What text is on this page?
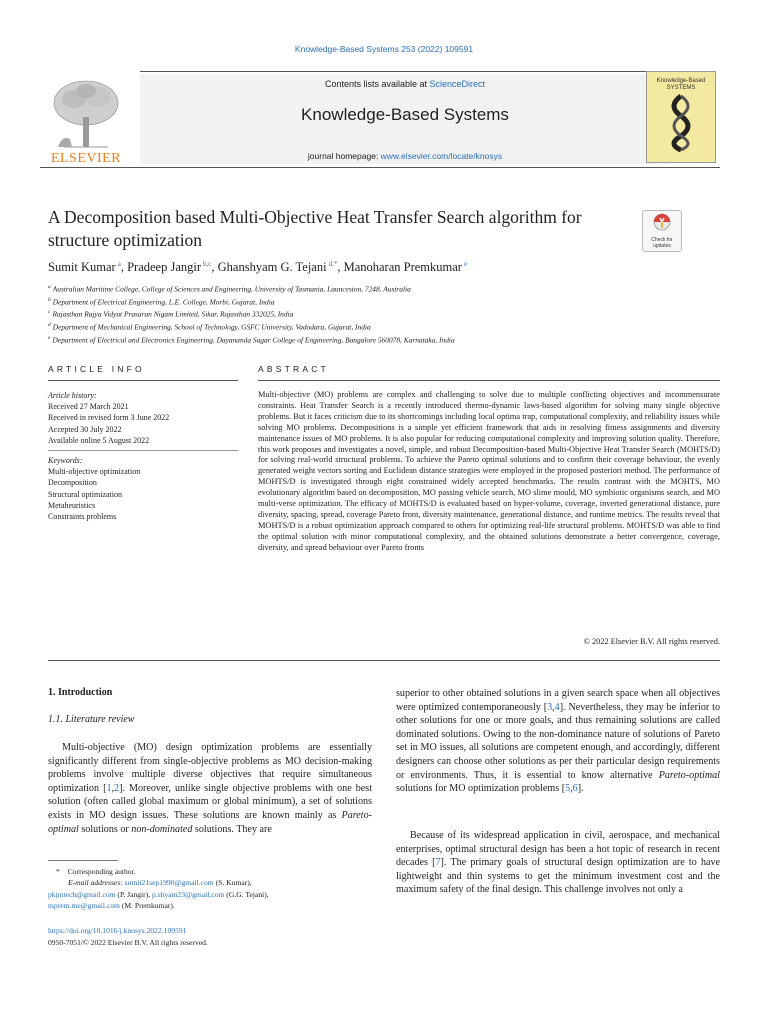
Knowledge-Based Systems 253 (2022) 109591
ELSEVIER
Contents lists available at ScienceDirect
Knowledge-Based Systems
journal homepage: www.elsevier.com/locate/knosys
Knowledge-Based SYSTEMS
A Decomposition based Multi-Objective Heat Transfer Search algorithm for structure optimization	Check for
updates
Sumit Kumar $^a$, Pradeep Jangir $^{b,c}$, Ghanshyam G. Tejani $^{d,*}$, Manoharan Premkumar $^e$
$^a$ Australian Maritime College, College of Sciences and Engineering, University of Tasmania, Launceston, 7248, Australia
$^b$ Department of Electrical Engineering, L.E. College, Morbi, Gujarat, India
$^c$ Rajasthan Rajya Vidyut Prasaran Nigam Limited, Sikar, Rajasthan 332025, India
$^d$ Department of Mechanical Engineering, School of Technology, GSFC University, Vadodara, Gujarat, India
$^e$ Department of Electrical and Electronics Engineering, Dayananda Sagar College of Engineering, Bangalore 560078, Karnataka, India
ARTICLE INFO	ABSTRACT
Article history:
Received 27 March 2021
Received in revised form 3 June 2022
Accepted 30 July 2022
Available online 5 August 2022
Keywords:
Multi-objective optimization
Decomposition
Structural optimization
Metaheuristics
Constraints problems
Multi-objective (MO) problems are complex and challenging to solve due to multiple conflicting objectives and incommensurate constraints. Heat Transfer Search is a recently introduced thermo-dynamic laws-based algorithm for solving many single objective problems. But it faces criticism due to its shortcomings including local optima trap, computational complexity, and reliability issues while solving MO problems. Decompositions is a simple yet efficient framework that aids in resolving fitness assignments and diversity maintenance issues of MO problems. It is also popular for reducing computational complexity and improving solution quality. Therefore, this work proposes and investigates a novel, simple, and robust Decomposition-based Multi-Objective Heat Transfer Search (MOHTS/D) for solving real-world structural problems. To achieve the Pareto optimal solutions and to confirm their coverage behaviour, the evenly generated weight vectors sorting and Euclidean distance strategies were employed in the proposed posteriori method. The performance of MOHTS/D is investigated through eight constrained widely accepted benchmarks. The results contrast with the MOHTS, MO evolutionary algorithm based on decomposition, MO passing vehicle search, MO slime mould, MO symbiotic organisms search, and MO multi-verse optimization. The efficacy of MOHTS/D is evaluated based on hyper-volume, coverage, inverted generational distance, pure diversity, spacing, spread, coverage Pareto front, diversity maintenance, generational distance, and runtime metrics. The results reveal that MOHTS/D is a robust optimization approach compared to others for optimizing real-life structural problems. MOHTS/D was able to find the optimal solution with minor computational complexity, and the obtained solutions demonstrate a better convergence, coverage, diversity, and spread behaviour over Pareto fronts
© 2022 Elsevier B.V. All rights reserved.
1. Introduction
1.1. Literature review
Multi-objective (MO) design optimization problems are essentially significantly different from single-objective problems as MO decision-making problems involve multiple diverse objectives that require simultaneous optimization [1,2]. Moreover, unlike single objective problems with one best solution (often called global maximum or global minimum), a set of solutions exists in MO design issues. These solutions are known mainly as Pareto-optimal solutions or non-dominated solutions. They are
superior to other obtained solutions in a given search space when all objectives were optimized contemporaneously [3,4]. Nevertheless, they may be inferior to other solutions for one or more goals, and thus remaining solutions are called dominated solutions. Owing to the non-dominance nature of solutions of Pareto set in MO issues, all solutions are competent enough, and accordingly, different designers can choose other solutions as per their particular design requirements or environments. Thus, it is essential to know alternative Pareto-optimal solutions for MO optimization problems [5,6].
Because of its widespread application in civil, aerospace, and mechanical enterprises, optimal structural design has been a hot topic of research in recent decades [7]. The primary goals of structural design optimization are to have lightweight and thin systems to get the minimum investment cost and the maximum safety of the final design. This challenge involves not only a
* Corresponding author.
E-mail addresses: sumit21sep1990@gmail.com (S. Kumar),
pkjmtech@gmail.com (P. Jangir), p.shyam23@gmail.com (G.G. Tejani),
mprem.me@gmail.com (M. Premkumar).
https://doi.org/10.1016/j.knosys.2022.109591
0950-7051/© 2022 Elsevier B.V. All rights reserved.
